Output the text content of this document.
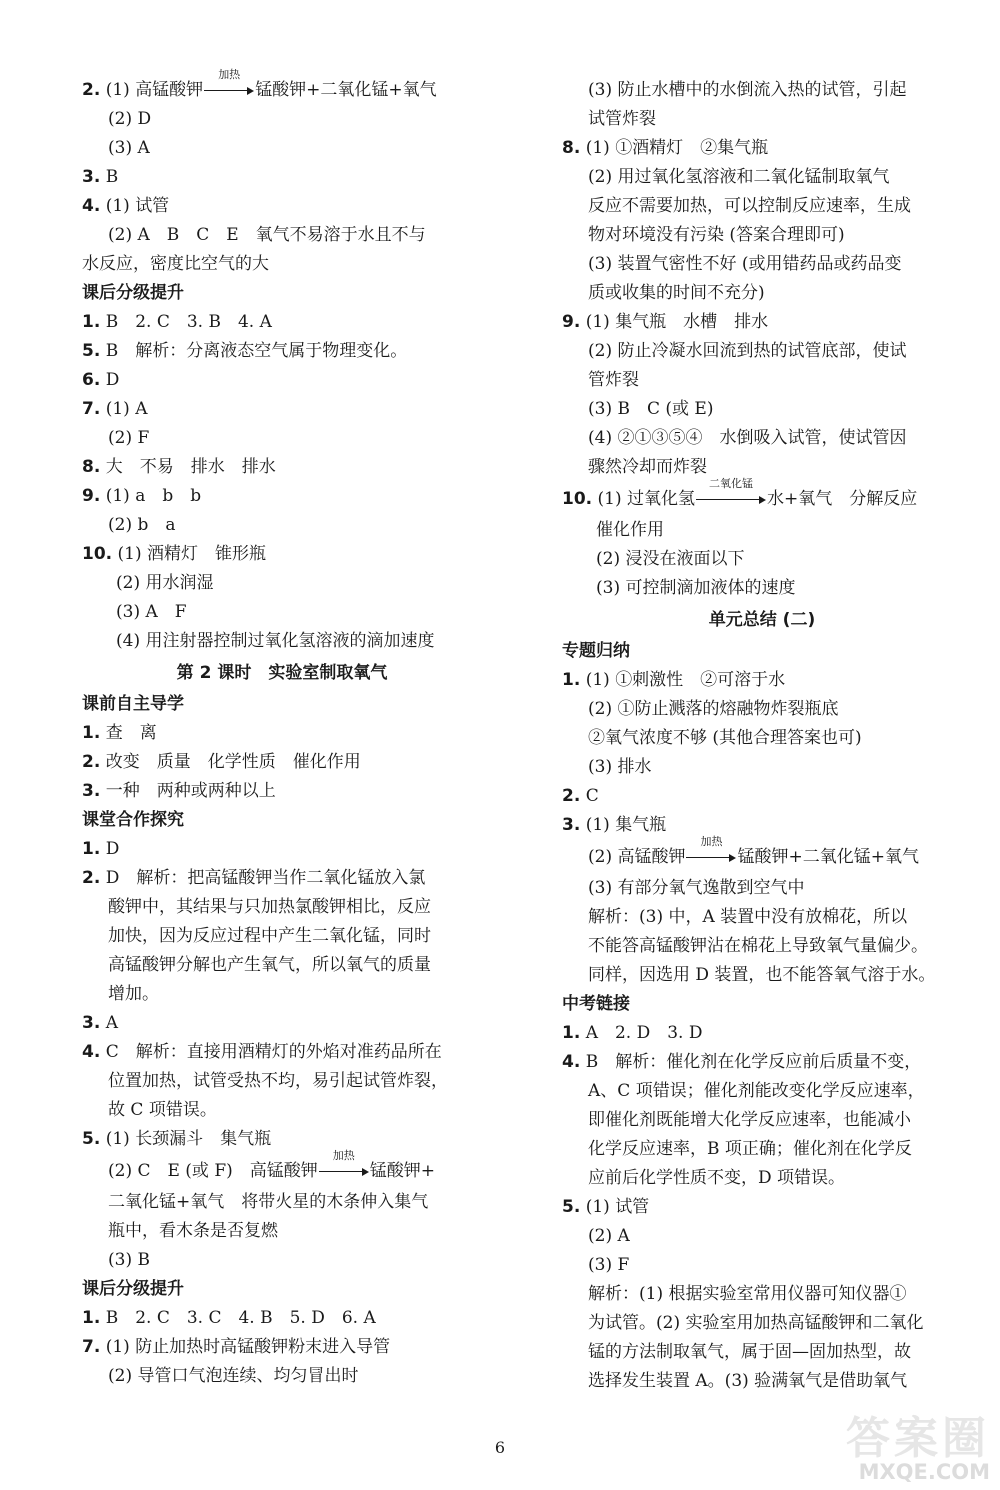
2. (1) 高锰酸钾
加热
锰酸钾+二氧化锰+氧气
(2) D
(3) A
3. B
4. (1) 试管
(2) A　B　C　E　氧气不易溶于水且不与
水反应，密度比空气的大
课后分级提升
1. B　2. C　3. B　4. A
5. B　解析：分离液态空气属于物理变化。
6. D
7. (1) A
(2) F
8. 大　不易　排水　排水
9. (1) a　b　b
(2) b　a
10. (1) 酒精灯　锥形瓶
(2) 用水润湿
(3) A　F
(4) 用注射器控制过氧化氢溶液的滴加速度
第 2 课时　实验室制取氧气
课前自主导学
1. 查　离
2. 改变　质量　化学性质　催化作用
3. 一种　两种或两种以上
课堂合作探究
1. D
2. D　解析：把高锰酸钾当作二氧化锰放入氯
酸钾中，其结果与只加热氯酸钾相比，反应
加快，因为反应过程中产生二氧化锰，同时
高锰酸钾分解也产生氧气，所以氧气的质量
增加。
3. A
4. C　解析：直接用酒精灯的外焰对准药品所在
位置加热，试管受热不均，易引起试管炸裂，
故 C 项错误。
5. (1) 长颈漏斗　集气瓶
(2) C　E (或 F)　高锰酸钾
加热
锰酸钾+
二氧化锰+氧气　将带火星的木条伸入集气
瓶中，看木条是否复燃
(3) B
课后分级提升
1. B　2. C　3. C　4. B　5. D　6. A
7. (1) 防止加热时高锰酸钾粉末进入导管
(2) 导管口气泡连续、均匀冒出时
(3) 防止水槽中的水倒流入热的试管，引起
试管炸裂
8. (1) ①酒精灯　②集气瓶
(2) 用过氧化氢溶液和二氧化锰制取氧气
反应不需要加热，可以控制反应速率，生成
物对环境没有污染 (答案合理即可)
(3) 装置气密性不好 (或用错药品或药品变
质或收集的时间不充分)
9. (1) 集气瓶　水槽　排水
(2) 防止冷凝水回流到热的试管底部，使试
管炸裂
(3) B　C (或 E)
(4) ②①③⑤④　水倒吸入试管，使试管因
骤然冷却而炸裂
10. (1) 过氧化氢
二氧化锰
水+氧气　分解反应
催化作用
(2) 浸没在液面以下
(3) 可控制滴加液体的速度
单元总结 (二)
专题归纳
1. (1) ①刺激性　②可溶于水
(2) ①防止溅落的熔融物炸裂瓶底
②氧气浓度不够 (其他合理答案也可)
(3) 排水
2. C
3. (1) 集气瓶
(2) 高锰酸钾
加热
锰酸钾+二氧化锰+氧气
(3) 有部分氧气逸散到空气中
解析：(3) 中，A 装置中没有放棉花，所以
不能答高锰酸钾沾在棉花上导致氧气量偏少。
同样，因选用 D 装置，也不能答氧气溶于水。
中考链接
1. A　2. D　3. D
4. B　解析：催化剂在化学反应前后质量不变，
A、C 项错误；催化剂能改变化学反应速率，
即催化剂既能增大化学反应速率，也能减小
化学反应速率，B 项正确；催化剂在化学反
应前后化学性质不变，D 项错误。
5. (1) 试管
(2) A
(3) F
解析：(1) 根据实验室常用仪器可知仪器①
为试管。(2) 实验室用加热高锰酸钾和二氧化
锰的方法制取氧气，属于固—固加热型，故
选择发生装置 A。(3) 验满氧气是借助氧气
6	答案圈
MXQE.COM
